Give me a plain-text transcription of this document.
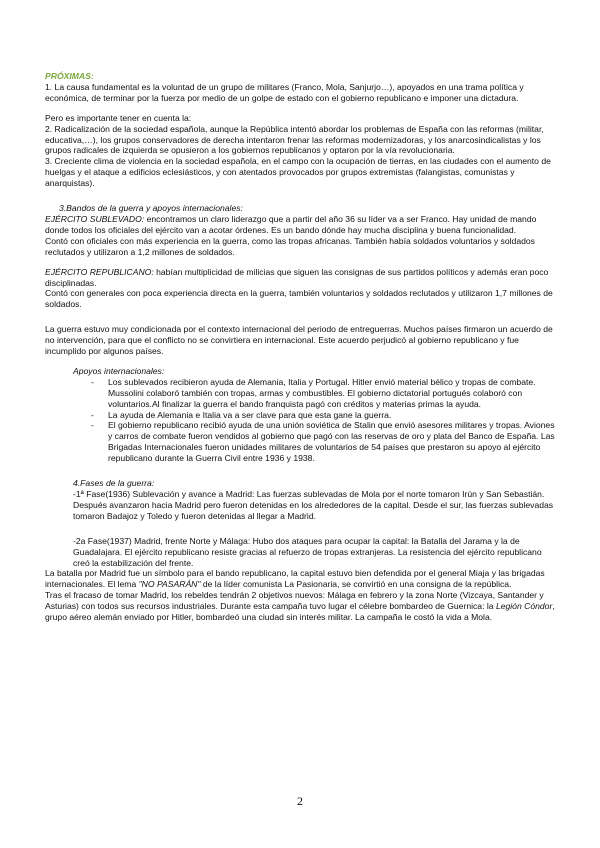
PRÓXIMAS:

1. La causa fundamental es la voluntad de un grupo de militares (Franco, Mola, Sanjurjo…), apoyados en una trama política y económica, de terminar por la fuerza por medio de un golpe de estado con el gobierno republicano e imponer una dictadura.

Pero es importante tener en cuenta la:

2. Radicalización de la sociedad española, aunque la República intentó abordar los problemas de España con las reformas (militar, educativa,…), los grupos conservadores de derecha intentaron frenar las reformas modernizadoras, y los anarcosindicalistas y los grupos radicales de izquierda se opusieron a los gobiernos republicanos y optaron por la vía revolucionaria.

3. Creciente clima de violencia en la sociedad española, en el campo con la ocupación de tierras, en las ciudades con el aumento de huelgas y el ataque a edificios eclesiásticos, y con atentados provocados por grupos extremistas (falangistas, comunistas y anarquistas).

3.Bandos de la guerra y apoyos internacionales:

EJÉRCITO SUBLEVADO: encontramos un claro liderazgo que a partir del año 36 su líder va a ser Franco. Hay unidad de mando donde todos los oficiales del ejército van a acotar órdenes. Es un bando dónde hay mucha disciplina y buena funcionalidad.

Contó con oficiales con más experiencia en la guerra, como las tropas africanas. También había soldados voluntarios y soldados reclutados y utilizaron a 1,2 millones de soldados.

EJÉRCITO REPUBLICANO: habían multiplicidad de milicias que siguen las consignas de sus partidos políticos y además eran poco disciplinadas.

Contó con generales con poca experiencia directa en la guerra, también voluntarios y soldados reclutados y utilizaron 1,7 millones de soldados.

La guerra estuvo muy condicionada por el contexto internacional del periodo de entreguerras. Muchos países firmaron un acuerdo de no intervención, para que el conflicto no se convirtiera en internacional. Este acuerdo perjudicó al gobierno republicano y fue incumplido por algunos países.

Apoyos internacionales:

- Los sublevados recibieron ayuda de Alemania, Italia y Portugal. Hitler envió material bélico y tropas de combate. Mussolini colaboró también con tropas, armas y combustibles. El gobierno dictatorial portugués colaboró con voluntarios.Al finalizar la guerra el bando franquista pagó con créditos y materias primas la ayuda.
- La ayuda de Alemania e Italia va a ser clave para que esta gane la guerra.
- El gobierno republicano recibió ayuda de una unión soviética de Stalin que envió asesores militares y tropas. Aviones y carros de combate fueron vendidos al gobierno que pagó con las reservas de oro y plata del Banco de España. Las Brigadas Internacionales fueron unidades militares de voluntarios de 54 países que prestaron su apoyo al ejército republicano durante la Guerra Civil entre 1936 y 1938.

4.Fases de la guerra:

-1ª Fase(1936) Sublevación y avance a Madrid: Las fuerzas sublevadas de Mola por el norte tomaron Irún y San Sebastián. Después avanzaron hacia Madrid pero fueron detenidas en los alrededores de la capital. Desde el sur, las fuerzas sublevadas tomaron Badajoz y Toledo y fueron detenidas al llegar a Madrid.

-2a Fase(1937) Madrid, frente Norte y Málaga: Hubo dos ataques para ocupar la capital: la Batalla del Jarama y la de Guadalajara. El ejército republicano resiste gracias al refuerzo de tropas extranjeras. La resistencia del ejército republicano creó la estabilización del frente.

La batalla por Madrid fue un símbolo para el bando republicano, la capital estuvo bien defendida por el general Miaja y las brigadas internacionales. El lema "NO PASARÁN" de la líder comunista La Pasionaria, se convirtió en una consigna de la república.

Tras el fracaso de tomar Madrid, los rebeldes tendrán 2 objetivos nuevos: Málaga en febrero y la zona Norte (Vizcaya, Santander y Asturias) con todos sus recursos industriales. Durante esta campaña tuvo lugar el célebre bombardeo de Guernica: la Legión Cóndor, grupo aéreo alemán enviado por Hitler, bombardeó una ciudad sin interés militar. La campaña le costó la vida a Mola.

2
